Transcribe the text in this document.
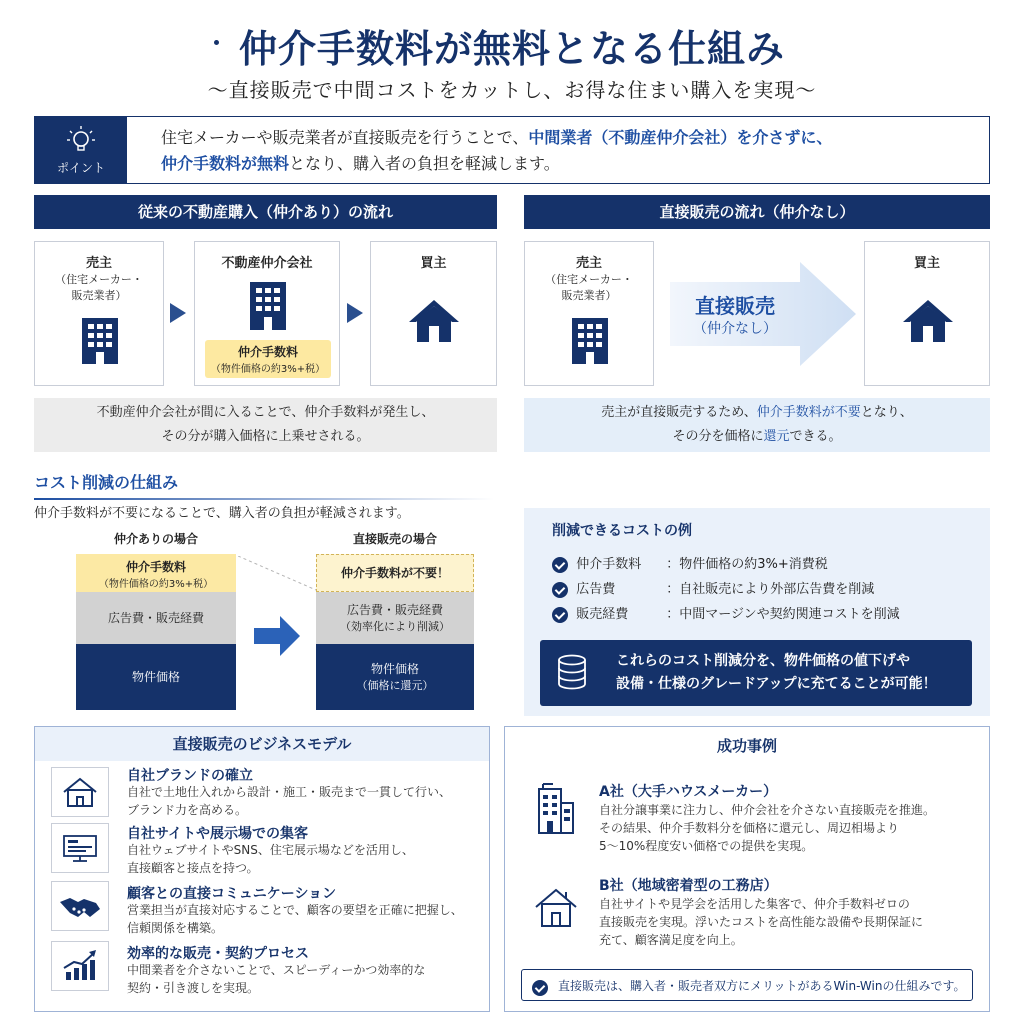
仲介手数料が無料となる仕組み
〜直接販売で中間コストをカットし、お得な住まい購入を実現〜
ポイント
住宅メーカーや販売業者が直接販売を行うことで、中間業者（不動産仲介会社）を介さずに、
仲介手数料が無料となり、購入者の負担を軽減します。
従来の不動産購入（仲介あり）の流れ
売主
（住宅メーカー・
販売業者）
不動産仲介会社
仲介手数料
（物件価格の約3%+税）
買主
不動産仲介会社が間に入ることで、仲介手数料が発生し、
その分が購入価格に上乗せされる。
直接販売の流れ（仲介なし）
売主
（住宅メーカー・
販売業者）	直接販売
（仲介なし）
買主
売主が直接販売するため、仲介手数料が不要となり、
その分を価格に還元できる。
コスト削減の仕組み
仲介手数料が不要になることで、購入者の負担が軽減されます。
仲介ありの場合
仲介手数料
（物件価格の約3%+税）
広告費・販売経費
物件価格
直接販売の場合
仲介手数料が不要！
広告費・販売経費
（効率化により削減）
物件価格
（価格に還元）
削減できるコストの例
仲介手数料 ：物件価格の約3%+消費税
広告費	：自社販売により外部広告費を削減
販売経費	：中間マージンや契約関連コストを削減
これらのコスト削減分を、物件価格の値下げや
設備・仕様のグレードアップに充てることが可能！
直接販売のビジネスモデル
自社ブランドの確立
自社で土地仕入れから設計・施工・販売まで一貫して行い、
ブランド力を高める。
自社サイトや展示場での集客
自社ウェブサイトやSNS、住宅展示場などを活用し、
直接顧客と接点を持つ。
顧客との直接コミュニケーション
営業担当が直接対応することで、顧客の要望を正確に把握し、
信頼関係を構築。
効率的な販売・契約プロセス
中間業者を介さないことで、スピーディーかつ効率的な
契約・引き渡しを実現。
成功事例
A社（大手ハウスメーカー）
自社分譲事業に注力し、仲介会社を介さない直接販売を推進。
その結果、仲介手数料分を価格に還元し、周辺相場より
5〜10%程度安い価格での提供を実現。
B社（地域密着型の工務店）
自社サイトや見学会を活用した集客で、仲介手数料ゼロの
直接販売を実現。浮いたコストを高性能な設備や長期保証に
充て、顧客満足度を向上。
直接販売は、購入者・販売者双方にメリットがあるWin-Winの仕組みです。
